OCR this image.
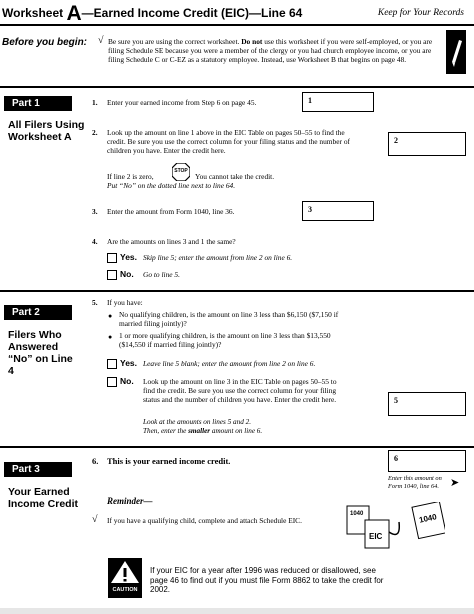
Worksheet A—Earned Income Credit (EIC)—Line 64	Keep for Your Records
Before you begin: √ Be sure you are using the correct worksheet. Do not use this worksheet if you were self-employed, or you are filing Schedule SE because you were a member of the clergy or you had church employee income, or you are filing Schedule C or C-EZ as a statutory employee. Instead, use Worksheet B that begins on page 48.
Part 1
All Filers Using Worksheet A
1. Enter your earned income from Step 6 on page 45.	1
2. Look up the amount on line 1 above in the EIC Table on pages 50–55 to find the credit. Be sure you use the correct column for your filing status and the number of children you have. Enter the credit here.
2
If line 2 is zero,
STOP
You cannot take the credit.
Put “No” on the dotted line next to line 64.
3. Enter the amount from Form 1040, line 36.	3
4. Are the amounts on lines 3 and 1 the same?
Yes. Skip line 5; enter the amount from line 2 on line 6.
No. Go to line 5.
Part 2
Filers Who Answered “No” on Line 4
5. If you have:
● No qualifying children, is the amount on line 3 less than $6,150 ($7,150 if married filing jointly)?
● 1 or more qualifying children, is the amount on line 3 less than $13,550 ($14,550 if married filing jointly)?
Yes. Leave line 5 blank; enter the amount from line 2 on line 6.
No. Look up the amount on line 3 in the EIC Table on pages 50–55 to find the credit. Be sure you use the correct column for your filing status and the number of children you have. Enter the credit here.
Look at the amounts on lines 5 and 2.
Then, enter the smaller amount on line 6.
5
Part 3
Your Earned Income Credit
6. This is your earned income credit.	6
Enter this amount on Form 1040, line 64.	➤
Reminder—
√ If you have a qualifying child, complete and attach Schedule EIC.
1040
EIC
1040
CAUTION
If your EIC for a year after 1996 was reduced or disallowed, see page 46 to find out if you must file Form 8862 to take the credit for 2002.
